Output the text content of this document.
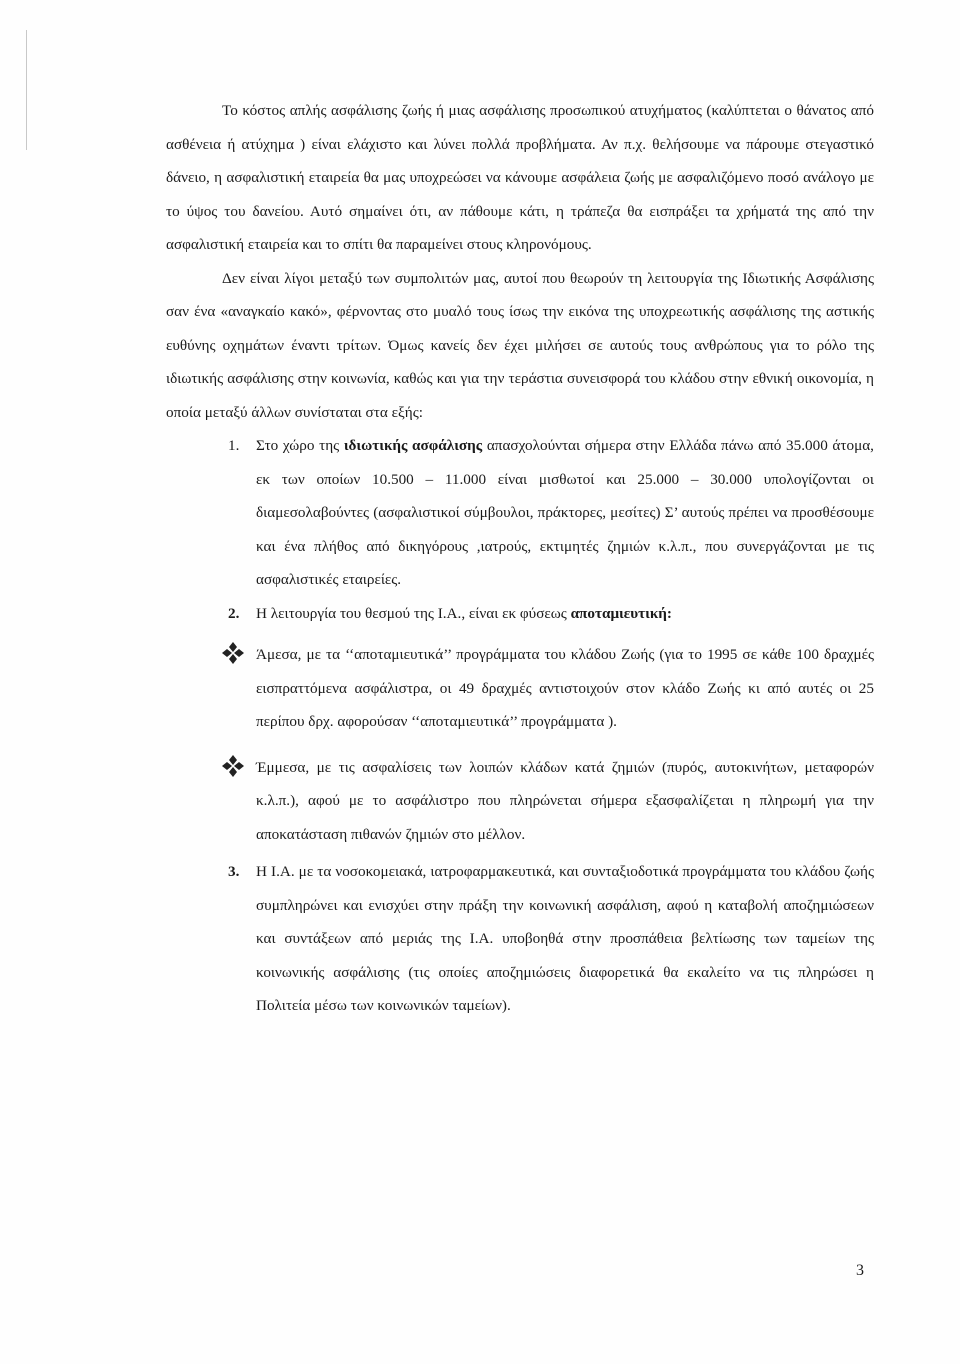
Το κόστος απλής ασφάλισης ζωής ή μιας ασφάλισης προσωπικού ατυχήματος (καλύπτεται ο θάνατος από ασθένεια ή ατύχημα ) είναι ελάχιστο και λύνει πολλά προβλήματα. Αν π.χ. θελήσουμε να πάρουμε στεγαστικό δάνειο, η ασφαλιστική εταιρεία θα μας υποχρεώσει να κάνουμε ασφάλεια ζωής με ασφαλιζόμενο ποσό ανάλογο με το ύψος του δανείου. Αυτό σημαίνει ότι, αν πάθουμε κάτι, η τράπεζα θα εισπράξει τα χρήματά της από την ασφαλιστική εταιρεία και το σπίτι θα παραμείνει στους κληρονόμους.

Δεν είναι λίγοι μεταξύ των συμπολιτών μας, αυτοί που θεωρούν τη λειτουργία της Ιδιωτικής Ασφάλισης σαν ένα «αναγκαίο κακό», φέρνοντας στο μυαλό τους ίσως την εικόνα της υποχρεωτικής ασφάλισης της αστικής ευθύνης οχημάτων έναντι τρίτων. Όμως κανείς δεν έχει μιλήσει σε αυτούς τους ανθρώπους για το ρόλο της ιδιωτικής ασφάλισης στην κοινωνία, καθώς και για την τεράστια συνεισφορά του κλάδου στην εθνική οικονομία, η οποία μεταξύ άλλων συνίσταται στα εξής:

1. Στο χώρο της ιδιωτικής ασφάλισης απασχολούνται σήμερα στην Ελλάδα πάνω από 35.000 άτομα, εκ των οποίων 10.500 – 11.000 είναι μισθωτοί και 25.000 – 30.000 υπολογίζονται οι διαμεσολαβούντες (ασφαλιστικοί σύμβουλοι, πράκτορες, μεσίτες) Σ’ αυτούς πρέπει να προσθέσουμε και ένα πλήθος από δικηγόρους ,ιατρούς, εκτιμητές ζημιών κ.λ.π., που συνεργάζονται με τις ασφαλιστικές εταιρείες.

2. Η λειτουργία του θεσμού της Ι.Α., είναι εκ φύσεως αποταμιευτική:

Άμεσα, με τα ‘‘αποταμιευτικά’’ προγράμματα του κλάδου Ζωής (για το 1995 σε κάθε 100 δραχμές εισπραττόμενα ασφάλιστρα, οι 49 δραχμές αντιστοιχούν στον κλάδο Ζωής κι από αυτές οι 25 περίπου δρχ. αφορούσαν ‘‘αποταμιευτικά’’ προγράμματα ).

Έμμεσα, με τις ασφαλίσεις των λοιπών κλάδων κατά ζημιών (πυρός, αυτοκινήτων, μεταφορών κ.λ.π.), αφού με το ασφάλιστρο που πληρώνεται σήμερα εξασφαλίζεται η πληρωμή για την αποκατάσταση πιθανών ζημιών στο μέλλον.

3. Η Ι.Α. με τα νοσοκομειακά, ιατροφαρμακευτικά, και συνταξιοδοτικά προγράμματα του κλάδου ζωής συμπληρώνει και ενισχύει στην πράξη την κοινωνική ασφάλιση, αφού η καταβολή αποζημιώσεων και συντάξεων από μεριάς της Ι.Α. υποβοηθά στην προσπάθεια βελτίωσης των ταμείων της κοινωνικής ασφάλισης (τις οποίες αποζημιώσεις διαφορετικά θα εκαλείτο να τις πληρώσει η Πολιτεία μέσω των κοινωνικών ταμείων).

3
